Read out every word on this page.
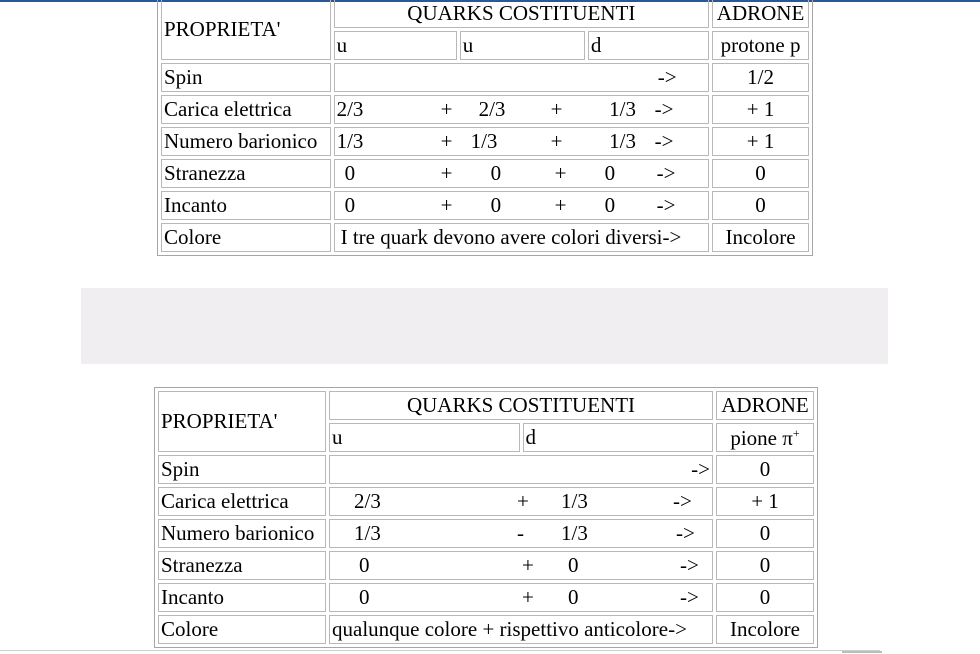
PROPRIETA'	QUARKS COSTITUENTI			ADRONE
	u	u	d	protone p
Spin	->			1/2
Carica elettrica	2/3 + 2/3 + 1/3 ->			+ 1
Numero barionico	1/3 + 1/3 + 1/3 ->			+ 1
Stranezza	0 + 0 + 0 ->			0
Incanto	0 + 0 + 0 ->			0
Colore	I tre quark devono avere colori diversi->			Incolore
PROPRIETA'	QUARKS COSTITUENTI		ADRONE
	u	d	pione π+
Spin	->		0
Carica elettrica	2/3 + 1/3 ->		+ 1
Numero barionico	1/3 - 1/3 ->		0
Stranezza	0 + 0 ->		0
Incanto	0 + 0 ->		0
Colore	qualunque colore + rispettivo anticolore->		Incolore
